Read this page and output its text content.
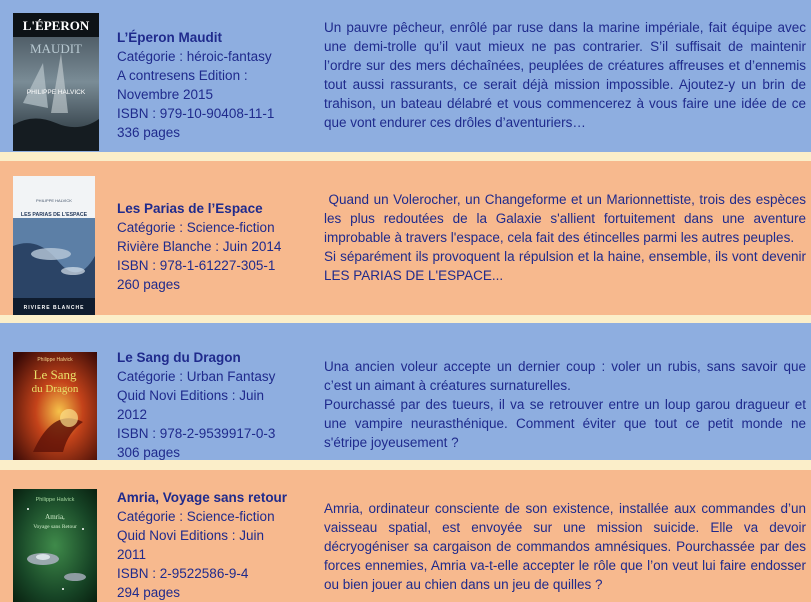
L'ÉPERON
MAUDIT
PHILIPPE HALVICK
L’Éperon Maudit
Catégorie : héroic-fantasy
A contresens Edition : Novembre 2015
ISBN : 979-10-90408-11-1
336 pages

Un pauvre pêcheur, enrôlé par ruse dans la marine impériale, fait équipe avec une demi-trolle qu’il vaut mieux ne pas contrarier. S’il suffisait de maintenir l’ordre sur des mers déchaînées, peuplées de créatures affreuses et d’ennemis tout aussi rassurants, ce serait déjà mission impossible. Ajoutez-y un brin de trahison, un bateau délabré et vous commencerez à vous faire une idée de ce que vont endurer ces drôles d’aventuriers…

PHILIPPE HALVICK
LES PARIAS DE L'ESPACE
RIVIERE BLANCHE
Les Parias de l’Espace
Catégorie : Science-fiction
Rivière Blanche : Juin 2014
ISBN : 978-1-61227-305-1
260 pages

Quand un Volerocher, un Changeforme et un Marionnettiste, trois des espèces les plus redoutées de la Galaxie s'allient fortuitement dans une aventure improbable à travers l'espace, cela fait des étincelles parmi les autres peuples.

Si séparément ils provoquent la répulsion et la haine, ensemble, ils vont devenir LES PARIAS DE L'ESPACE...

Philippe Halvick
Le Sang
du Dragon
Le Sang du Dragon
Catégorie : Urban Fantasy
Quid Novi Editions : Juin 2012
ISBN : 978-2-9539917-0-3
306 pages

Una ancien voleur accepte un dernier coup : voler un rubis, sans savoir que c’est un aimant à créatures surnaturelles.

Pourchassé par des tueurs, il va se retrouver entre un loup garou dragueur et une vampire neurasthénique. Comment éviter que tout ce petit monde ne s'étripe joyeusement ?

Philippe Halvick
Amria,
Voyage sans Retour
Amria, Voyage sans retour
Catégorie : Science-fiction
Quid Novi Editions : Juin 2011
ISBN : 2-9522586-9-4
294 pages

Amria, ordinateur consciente de son existence, installée aux commandes d’un vaisseau spatial, est envoyée sur une mission suicide. Elle va devoir décryogéniser sa cargaison de commandos amnésiques. Pourchassée par des forces ennemies, Amria va-t-elle accepter le rôle que l’on veut lui faire endosser ou bien jouer au chien dans un jeu de quilles ?
